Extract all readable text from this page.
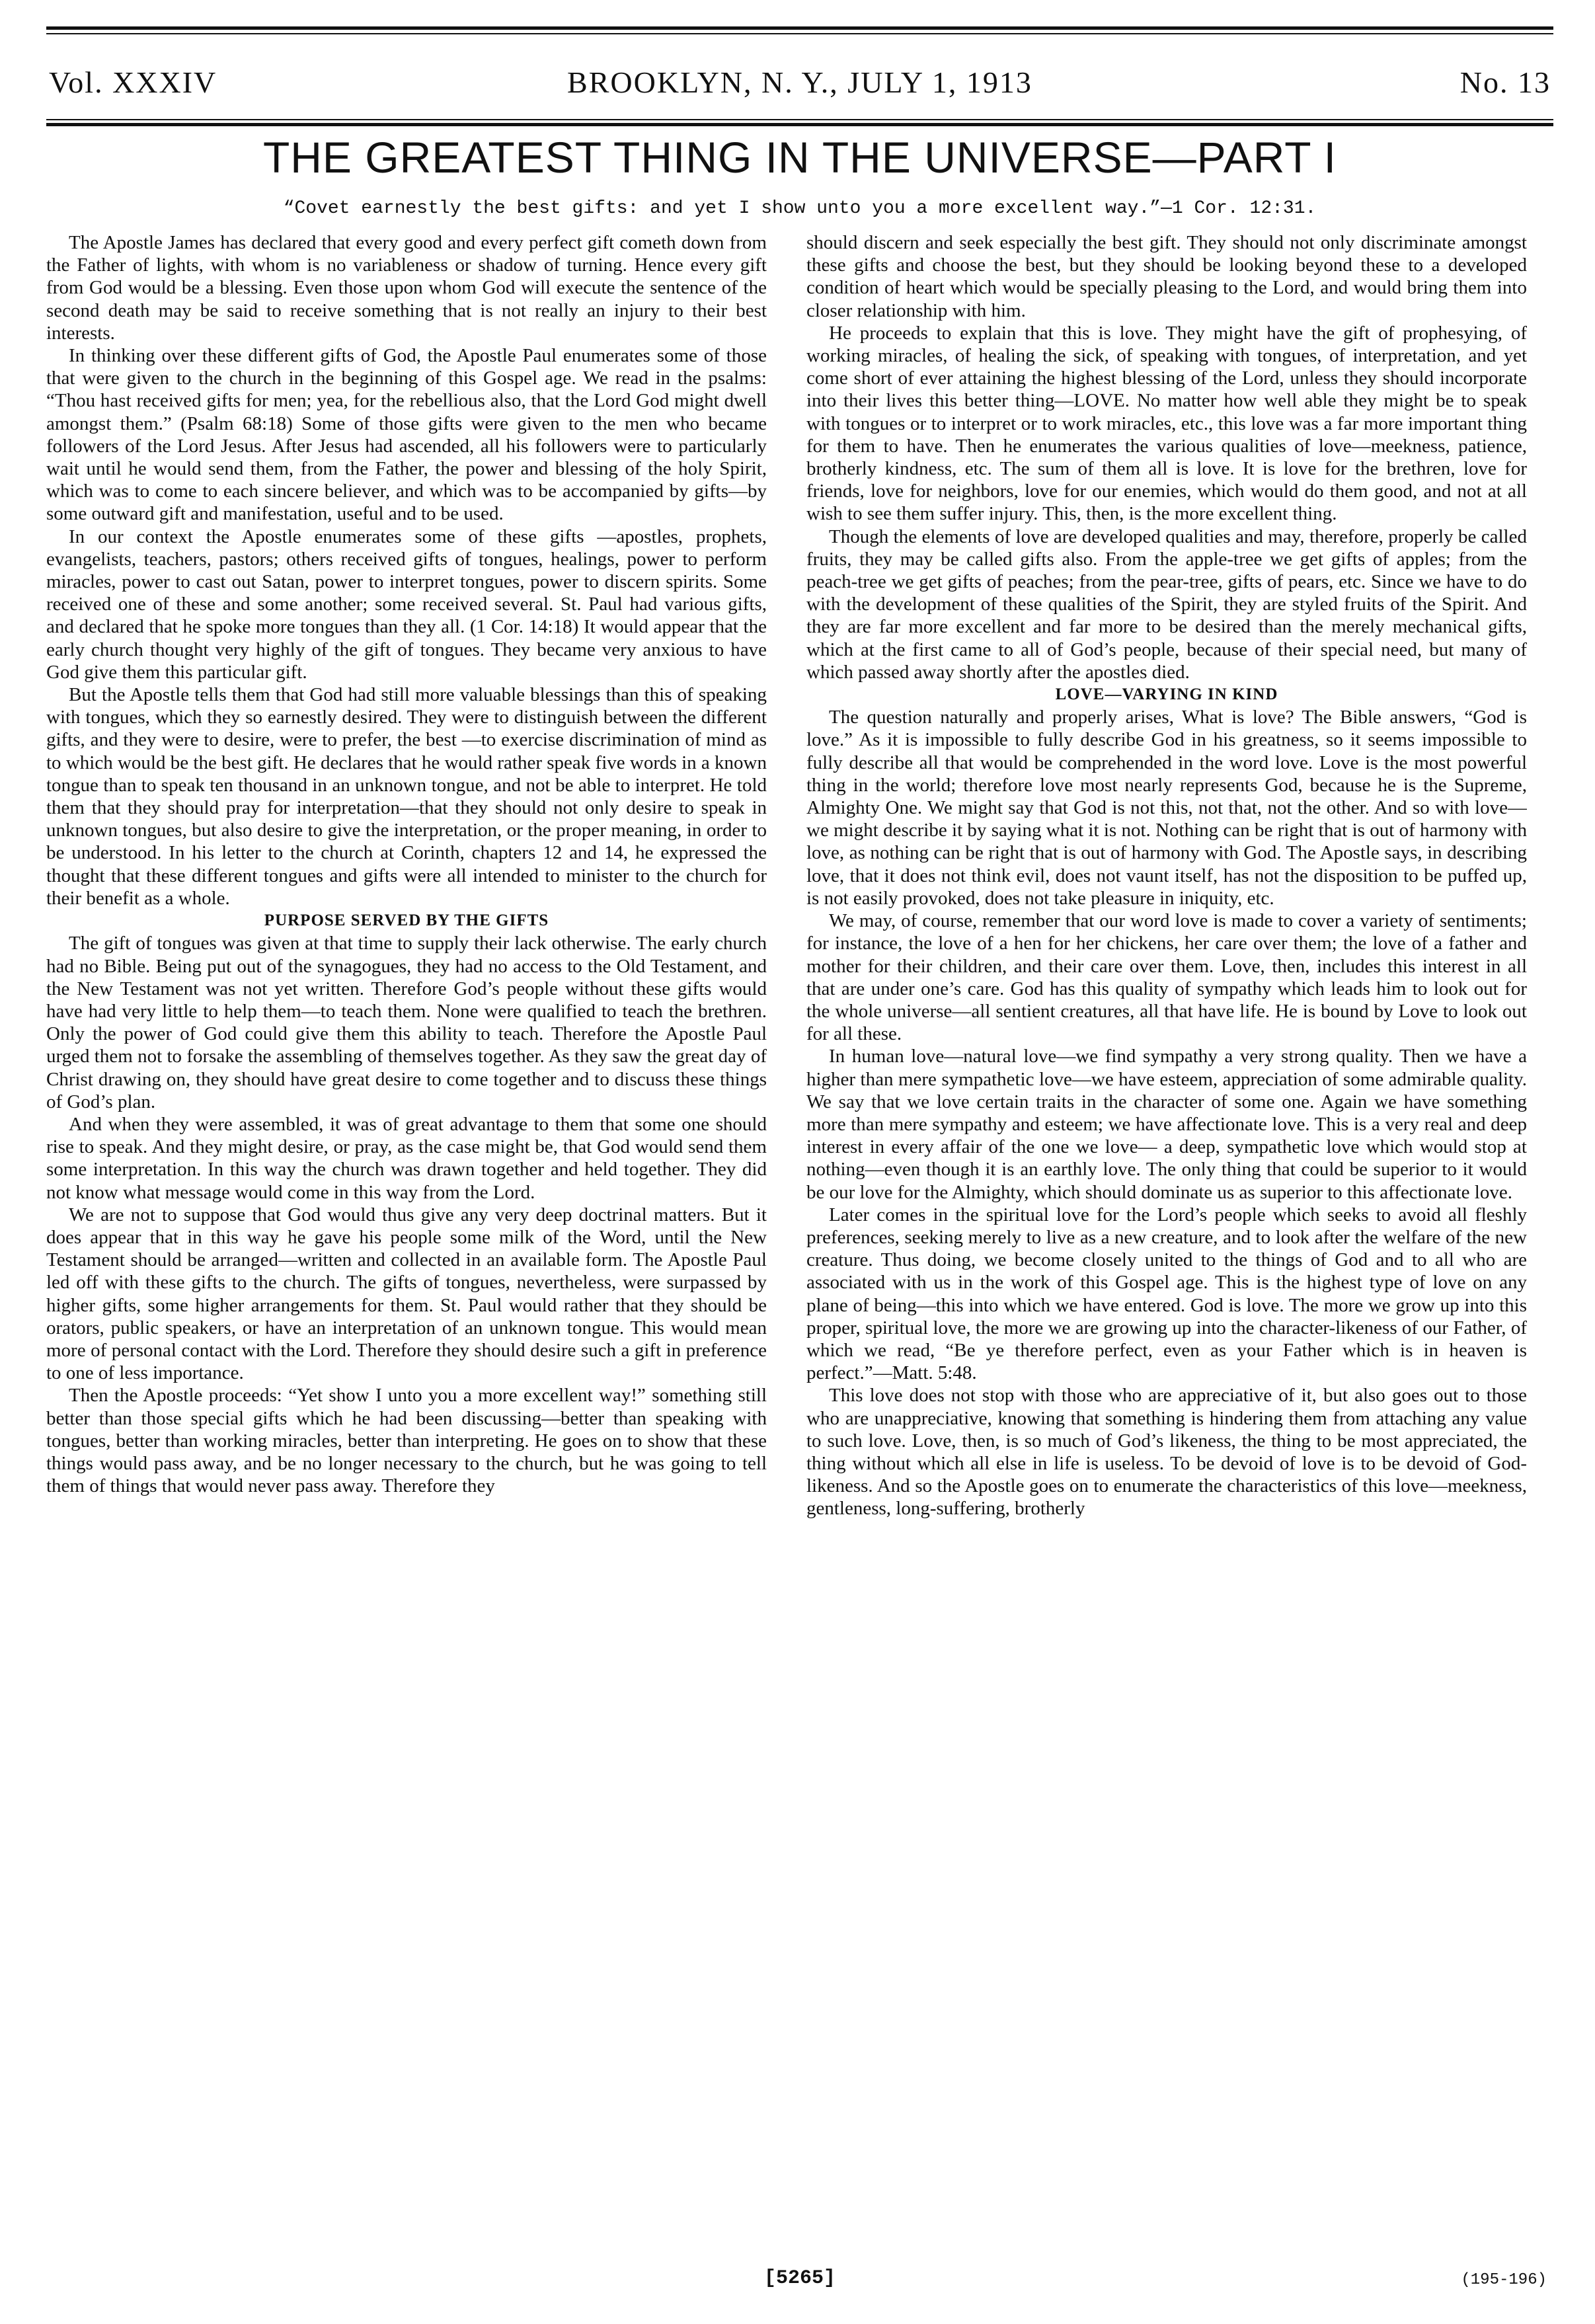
Vol. XXXIV	BROOKLYN, N. Y., JULY 1, 1913	No. 13
THE GREATEST THING IN THE UNIVERSE—PART I
“Covet earnestly the best gifts: and yet I show unto you a more excellent way.”—1 Cor. 12:31.

The Apostle James has declared that every good and every perfect gift cometh down from the Father of lights, with whom is no variableness or shadow of turning. Hence every gift from God would be a blessing. Even those upon whom God will execute the sentence of the second death may be said to receive something that is not really an injury to their best interests.

In thinking over these different gifts of God, the Apostle Paul enumerates some of those that were given to the church in the beginning of this Gospel age. We read in the psalms: “Thou hast received gifts for men; yea, for the rebellious also, that the Lord God might dwell amongst them.” (Psalm 68:18) Some of those gifts were given to the men who became followers of the Lord Jesus. After Jesus had ascended, all his followers were to particularly wait until he would send them, from the Father, the power and blessing of the holy Spirit, which was to come to each sincere believer, and which was to be accompanied by gifts—by some outward gift and manifestation, useful and to be used.

In our context the Apostle enumerates some of these gifts —apostles, prophets, evangelists, teachers, pastors; others received gifts of tongues, healings, power to perform miracles, power to cast out Satan, power to interpret tongues, power to discern spirits. Some received one of these and some another; some received several. St. Paul had various gifts, and declared that he spoke more tongues than they all. (1 Cor. 14:18) It would appear that the early church thought very highly of the gift of tongues. They became very anxious to have God give them this particular gift.

But the Apostle tells them that God had still more valuable blessings than this of speaking with tongues, which they so earnestly desired. They were to distinguish between the different gifts, and they were to desire, were to prefer, the best —to exercise discrimination of mind as to which would be the best gift. He declares that he would rather speak five words in a known tongue than to speak ten thousand in an unknown tongue, and not be able to interpret. He told them that they should pray for interpretation—that they should not only desire to speak in unknown tongues, but also desire to give the interpretation, or the proper meaning, in order to be understood. In his letter to the church at Corinth, chapters 12 and 14, he expressed the thought that these different tongues and gifts were all intended to minister to the church for their benefit as a whole.

PURPOSE SERVED BY THE GIFTS

The gift of tongues was given at that time to supply their lack otherwise. The early church had no Bible. Being put out of the synagogues, they had no access to the Old Testament, and the New Testament was not yet written. Therefore God’s people without these gifts would have had very little to help them—to teach them. None were qualified to teach the brethren. Only the power of God could give them this ability to teach. Therefore the Apostle Paul urged them not to forsake the assembling of themselves together. As they saw the great day of Christ drawing on, they should have great desire to come together and to discuss these things of God’s plan.

And when they were assembled, it was of great advantage to them that some one should rise to speak. And they might desire, or pray, as the case might be, that God would send them some interpretation. In this way the church was drawn together and held together. They did not know what message would come in this way from the Lord.

We are not to suppose that God would thus give any very deep doctrinal matters. But it does appear that in this way he gave his people some milk of the Word, until the New Testament should be arranged—written and collected in an available form. The Apostle Paul led off with these gifts to the church. The gifts of tongues, nevertheless, were surpassed by higher gifts, some higher arrangements for them. St. Paul would rather that they should be orators, public speakers, or have an interpretation of an unknown tongue. This would mean more of personal contact with the Lord. Therefore they should desire such a gift in preference to one of less importance.

Then the Apostle proceeds: “Yet show I unto you a more excellent way!” something still better than those special gifts which he had been discussing—better than speaking with tongues, better than working miracles, better than interpreting. He goes on to show that these things would pass away, and be no longer necessary to the church, but he was going to tell them of things that would never pass away. Therefore they

should discern and seek especially the best gift. They should not only discriminate amongst these gifts and choose the best, but they should be looking beyond these to a developed condition of heart which would be specially pleasing to the Lord, and would bring them into closer relationship with him.

He proceeds to explain that this is love. They might have the gift of prophesying, of working miracles, of healing the sick, of speaking with tongues, of interpretation, and yet come short of ever attaining the highest blessing of the Lord, unless they should incorporate into their lives this better thing—LOVE. No matter how well able they might be to speak with tongues or to interpret or to work miracles, etc., this love was a far more important thing for them to have. Then he enumerates the various qualities of love—meekness, patience, brotherly kindness, etc. The sum of them all is love. It is love for the brethren, love for friends, love for neighbors, love for our enemies, which would do them good, and not at all wish to see them suffer injury. This, then, is the more excellent thing.

Though the elements of love are developed qualities and may, therefore, properly be called fruits, they may be called gifts also. From the apple-tree we get gifts of apples; from the peach-tree we get gifts of peaches; from the pear-tree, gifts of pears, etc. Since we have to do with the development of these qualities of the Spirit, they are styled fruits of the Spirit. And they are far more excellent and far more to be desired than the merely mechanical gifts, which at the first came to all of God’s people, because of their special need, but many of which passed away shortly after the apostles died.

LOVE—VARYING IN KIND

The question naturally and properly arises, What is love? The Bible answers, “God is love.” As it is impossible to fully describe God in his greatness, so it seems impossible to fully describe all that would be comprehended in the word love. Love is the most powerful thing in the world; therefore love most nearly represents God, because he is the Supreme, Almighty One. We might say that God is not this, not that, not the other. And so with love—we might describe it by saying what it is not. Nothing can be right that is out of harmony with love, as nothing can be right that is out of harmony with God. The Apostle says, in describing love, that it does not think evil, does not vaunt itself, has not the disposition to be puffed up, is not easily provoked, does not take pleasure in iniquity, etc.

We may, of course, remember that our word love is made to cover a variety of sentiments; for instance, the love of a hen for her chickens, her care over them; the love of a father and mother for their children, and their care over them. Love, then, includes this interest in all that are under one’s care. God has this quality of sympathy which leads him to look out for the whole universe—all sentient creatures, all that have life. He is bound by Love to look out for all these.

In human love—natural love—we find sympathy a very strong quality. Then we have a higher than mere sympathetic love—we have esteem, appreciation of some admirable quality. We say that we love certain traits in the character of some one. Again we have something more than mere sympathy and esteem; we have affectionate love. This is a very real and deep interest in every affair of the one we love— a deep, sympathetic love which would stop at nothing—even though it is an earthly love. The only thing that could be superior to it would be our love for the Almighty, which should dominate us as superior to this affectionate love.

Later comes in the spiritual love for the Lord’s people which seeks to avoid all fleshly preferences, seeking merely to live as a new creature, and to look after the welfare of the new creature. Thus doing, we become closely united to the things of God and to all who are associated with us in the work of this Gospel age. This is the highest type of love on any plane of being—this into which we have entered. God is love. The more we grow up into this proper, spiritual love, the more we are growing up into the character-likeness of our Father, of which we read, “Be ye therefore perfect, even as your Father which is in heaven is perfect.”—Matt. 5:48.

This love does not stop with those who are appreciative of it, but also goes out to those who are unappreciative, knowing that something is hindering them from attaching any value to such love. Love, then, is so much of God’s likeness, the thing to be most appreciated, the thing without which all else in life is useless. To be devoid of love is to be devoid of God-likeness. And so the Apostle goes on to enumerate the characteristics of this love—meekness, gentleness, long-suffering, brotherly

[5265]	(195-196)
